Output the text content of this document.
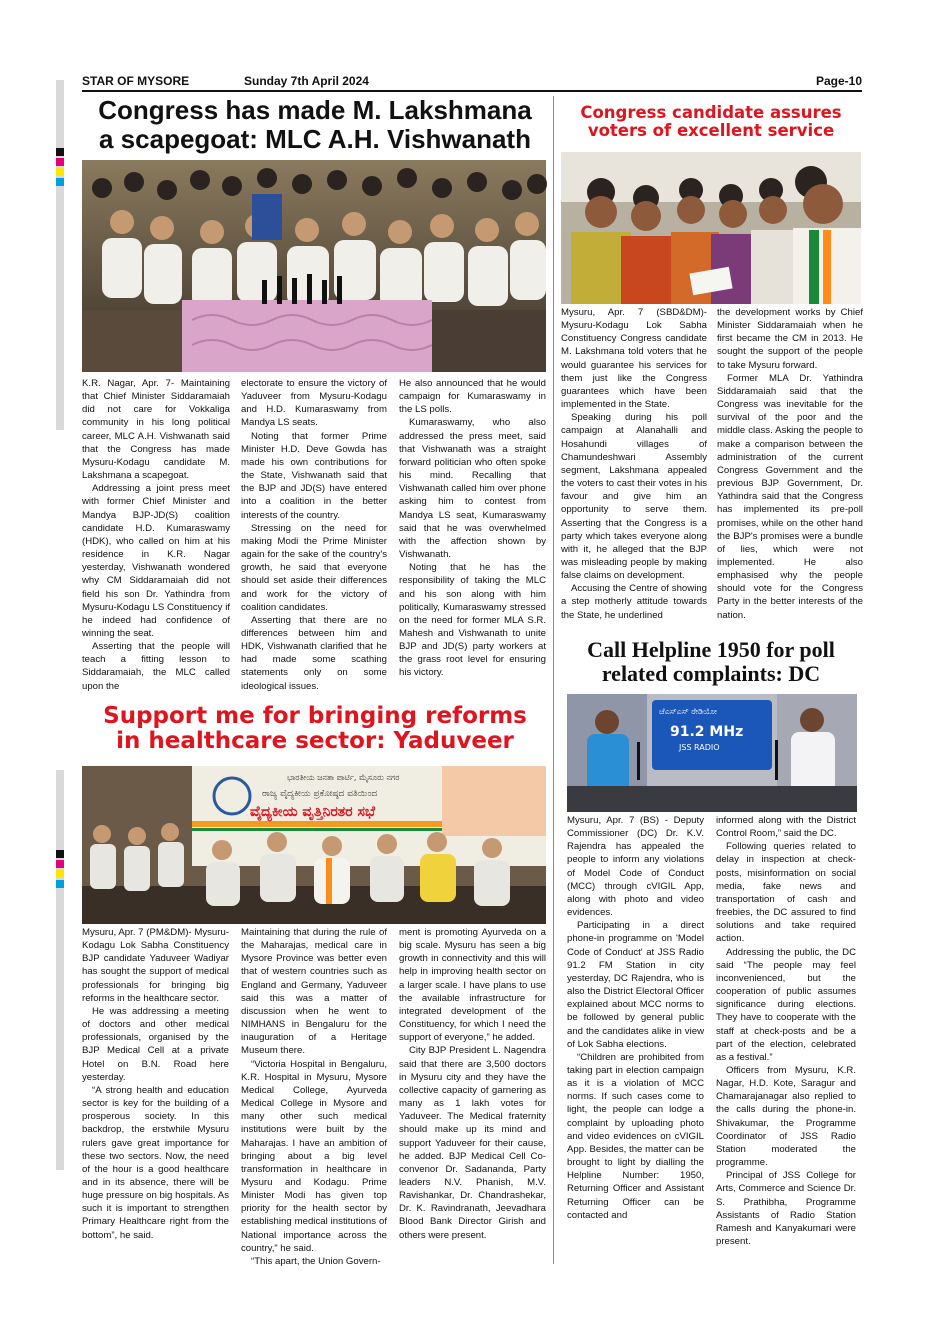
STAR OF MYSORE	Sunday 7th April 2024	Page-10
Congress has made M. Lakshmana
a scapegoat: MLC A.H. Vishwanath

K.R. Nagar, Apr. 7- Maintaining that Chief Minister Siddaramaiah did not care for Vokkaliga community in his long political career, MLC A.H. Vishwanath said that the Congress has made Mysuru-Kodagu candidate M. Lakshmana a scapegoat.

Addressing a joint press meet with former Chief Minister and Mandya BJP-JD(S) coalition candidate H.D. Kumaraswamy (HDK), who called on him at his residence in K.R. Nagar yesterday, Vishwanath wondered why CM Siddaramaiah did not field his son Dr. Yathindra from Mysuru-Kodagu LS Constituency if he indeed had confidence of winning the seat.

Asserting that the people will teach a fitting lesson to Siddaramaiah, the MLC called upon the

electorate to ensure the victory of Yaduveer from Mysuru-Kodagu and H.D. Kumaraswamy from Mandya LS seats.

Noting that former Prime Minister H.D. Deve Gowda has made his own contributions for the State, Vishwanath said that the BJP and JD(S) have entered into a coalition in the better interests of the country.

Stressing on the need for making Modi the Prime Minister again for the sake of the country's growth, he said that everyone should set aside their differences and work for the victory of coalition candidates.

Asserting that there are no differences between him and HDK, Vishwanath clarified that he had made some scathing statements only on some ideological issues.

He also announced that he would campaign for Kumaraswamy in the LS polls.

Kumaraswamy, who also addressed the press meet, said that Vishwanath was a straight forward politician who often spoke his mind. Recalling that Vishwanath called him over phone asking him to contest from Mandya LS seat, Kumaraswamy said that he was overwhelmed with the affection shown by Vishwanath.

Noting that he has the responsibility of taking the MLC and his son along with him politically, Kumaraswamy stressed on the need for former MLA S.R. Mahesh and Vishwanath to unite BJP and JD(S) party workers at the grass root level for ensuring his victory.

Congress candidate assures
voters of excellent service

Mysuru, Apr. 7 (SBD&DM)- Mysuru-Kodagu Lok Sabha Constituency Congress candidate M. Lakshmana told voters that he would guarantee his services for them just like the Congress guarantees which have been implemented in the State.

Speaking during his poll campaign at Alanahalli and Hosahundi villages of Chamundeshwari Assembly segment, Lakshmana appealed the voters to cast their votes in his favour and give him an opportunity to serve them. Asserting that the Congress is a party which takes everyone along with it, he alleged that the BJP was misleading people by making false claims on development.

Accusing the Centre of showing a step motherly attitude towards the State, he underlined

the development works by Chief Minister Siddaramaiah when he first became the CM in 2013. He sought the support of the people to take Mysuru forward.

Former MLA Dr. Yathindra Siddaramaiah said that the Congress was inevitable for the survival of the poor and the middle class. Asking the people to make a comparison between the administration of the current Congress Government and the previous BJP Government, Dr. Yathindra said that the Congress has implemented its pre-poll promises, while on the other hand the BJP's promises were a bundle of lies, which were not implemented. He also emphasised why the people should vote for the Congress Party in the better interests of the nation.

Support me for bringing reforms
in healthcare sector: Yaduveer
ಭಾರತೀಯ ಜನತಾ ಪಾರ್ಟಿ, ಮೈಸೂರು ನಗರ
ರಾಜ್ಯ ವೈದ್ಯಕೀಯ ಪ್ರಕೋಷ್ಠದ ವತಿಯಿಂದ
ವೈದ್ಯಕೀಯ ವೃತ್ತಿನಿರತರ ಸಭೆ

Mysuru, Apr. 7 (PM&DM)- Mysuru-Kodagu Lok Sabha Constituency BJP candidate Yaduveer Wadiyar has sought the support of medical professionals for bringing big reforms in the healthcare sector.

He was addressing a meeting of doctors and other medical professionals, organised by the BJP Medical Cell at a private Hotel on B.N. Road here yesterday.

“A strong health and education sector is key for the building of a prosperous society. In this backdrop, the erstwhile Mysuru rulers gave great importance for these two sectors. Now, the need of the hour is a good healthcare and in its absence, there will be huge pressure on big hospitals. As such it is important to strengthen Primary Healthcare right from the bottom”, he said.

Maintaining that during the rule of the Maharajas, medical care in Mysore Province was better even that of western countries such as England and Germany, Yaduveer said this was a matter of discussion when he went to NIMHANS in Bengaluru for the inauguration of a Heritage Museum there.

“Victoria Hospital in Bengaluru, K.R. Hospital in Mysuru, Mysore Medical College, Ayurveda Medical College in Mysore and many other such medical institutions were built by the Maharajas. I have an ambition of bringing about a big level transformation in healthcare in Mysuru and Kodagu. Prime Minister Modi has given top priority for the health sector by establishing medical institutions of National importance across the country,” he said.

“This apart, the Union Govern-

ment is promoting Ayurveda on a big scale. Mysuru has seen a big growth in connectivity and this will help in improving health sector on a larger scale. I have plans to use the available infrastructure for integrated development of the Constituency, for which I need the support of everyone,” he added.

City BJP President L. Nagendra said that there are 3,500 doctors in Mysuru city and they have the collective capacity of garnering as many as 1 lakh votes for Yaduveer. The Medical fraternity should make up its mind and support Yaduveer for their cause, he added. BJP Medical Cell Co-convenor Dr. Sadananda, Party leaders N.V. Phanish, M.V. Ravishankar, Dr. Chandrashekar, Dr. K. Ravindranath, Jeevadhara Blood Bank Director Girish and others were present.

Call Helpline 1950 for poll
related complaints: DC
ಜೆಎಸ್‌ಎಸ್ ರೇಡಿಯೋ
91.2 MHz
JSS RADIO

Mysuru, Apr. 7 (BS) - Deputy Commissioner (DC) Dr. K.V. Rajendra has appealed the people to inform any violations of Model Code of Conduct (MCC) through cVIGIL App, along with photo and video evidences.

Participating in a direct phone-in programme on 'Model Code of Conduct' at JSS Radio 91.2 FM Station in city yesterday, DC Rajendra, who is also the District Electoral Officer explained about MCC norms to be followed by general public and the candidates alike in view of Lok Sabha elections.

“Children are prohibited from taking part in election campaign as it is a violation of MCC norms. If such cases come to light, the people can lodge a complaint by uploading photo and video evidences on cVIGIL App. Besides, the matter can be brought to light by dialling the Helpline Number: 1950, Returning Officer and Assistant Returning Officer can be contacted and

informed along with the District Control Room,” said the DC.

Following queries related to delay in inspection at check-posts, misinformation on social media, fake news and transportation of cash and freebies, the DC assured to find solutions and take required action.

Addressing the public, the DC said “The people may feel inconvenienced, but the cooperation of public assumes significance during elections. They have to cooperate with the staff at check-posts and be a part of the election, celebrated as a festival.”

Officers from Mysuru, K.R. Nagar, H.D. Kote, Saragur and Chamarajanagar also replied to the calls during the phone-in. Shivakumar, the Programme Coordinator of JSS Radio Station moderated the programme.

Principal of JSS College for Arts, Commerce and Science Dr. S. Prathibha, Programme Assistants of Radio Station Ramesh and Kanyakumari were present.
